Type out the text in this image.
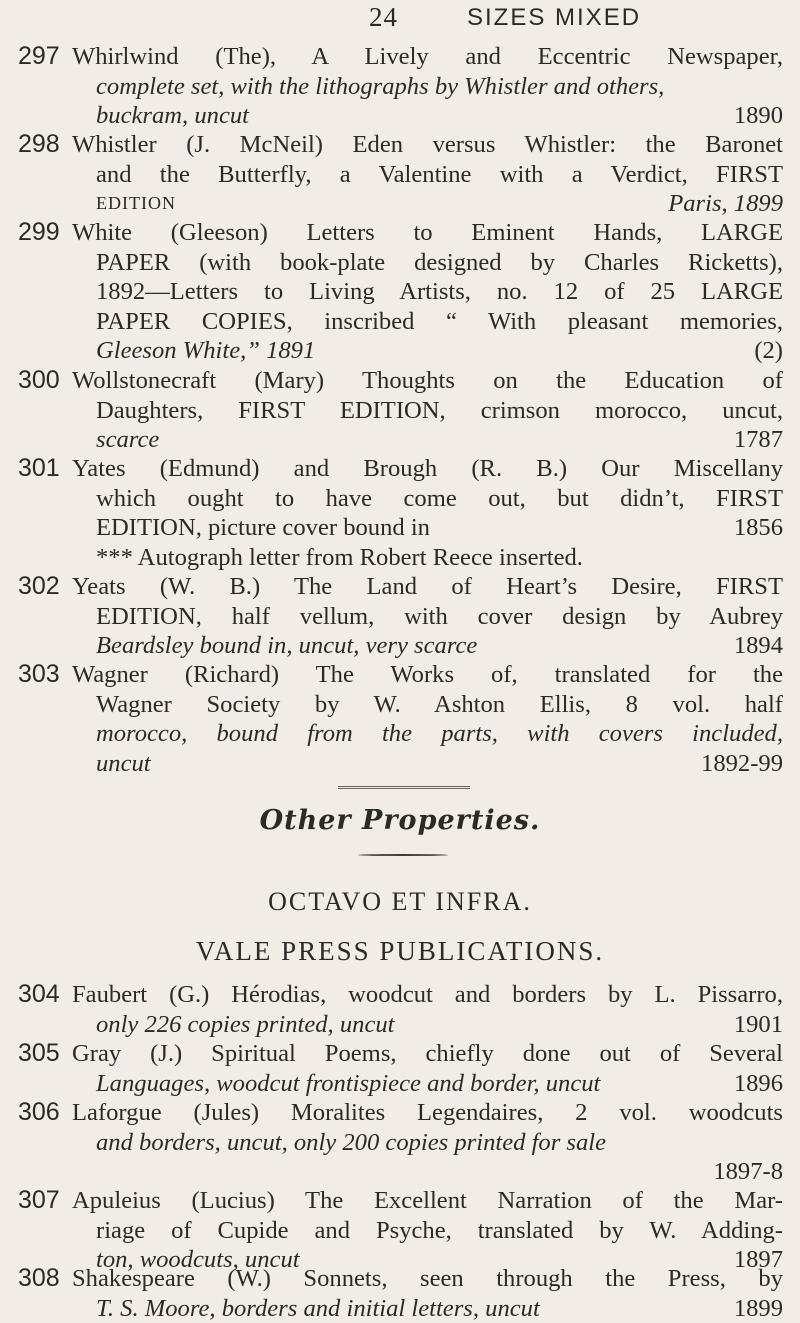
24	SIZES MIXED
297 Whirlwind (The), A Lively and Eccentric Newspaper,
complete set, with the lithographs by Whistler and others,
buckram, uncut	1890
298 Whistler (J. McNeil) Eden versus Whistler: the Baronet
and the Butterfly, a Valentine with a Verdict, FIRST
EDITION	Paris, 1899
299 White (Gleeson) Letters to Eminent Hands, LARGE
PAPER (with book-plate designed by Charles Ricketts),
1892—Letters to Living Artists, no. 12 of 25 LARGE
PAPER COPIES, inscribed “ With pleasant memories,
Gleeson White,” 1891	(2)
300 Wollstonecraft (Mary) Thoughts on the Education of
Daughters, FIRST EDITION, crimson morocco, uncut,
scarce	1787
301 Yates (Edmund) and Brough (R. B.) Our Miscellany
which ought to have come out, but didn’t, FIRST
EDITION, picture cover bound in	1856
*** Autograph letter from Robert Reece inserted.
302 Yeats (W. B.) The Land of Heart’s Desire, FIRST
EDITION, half vellum, with cover design by Aubrey
Beardsley bound in, uncut, very scarce	1894
303 Wagner (Richard) The Works of, translated for the
Wagner Society by W. Ashton Ellis, 8 vol. half
morocco, bound from the parts, with covers included,
uncut	1892-99
Other Properties.
OCTAVO ET INFRA.
VALE PRESS PUBLICATIONS.
304 Faubert (G.) Hérodias, woodcut and borders by L. Pissarro,
only 226 copies printed, uncut	1901
305 Gray (J.) Spiritual Poems, chiefly done out of Several
Languages, woodcut frontispiece and border, uncut	1896
306 Laforgue (Jules) Moralites Legendaires, 2 vol. woodcuts
and borders, uncut, only 200 copies printed for sale
1897-8
307 Apuleius (Lucius) The Excellent Narration of the Mar-
riage of Cupide and Psyche, translated by W. Adding-
ton, woodcuts, uncut	1897
308 Shakespeare (W.) Sonnets, seen through the Press, by
T. S. Moore, borders and initial letters, uncut	1899
